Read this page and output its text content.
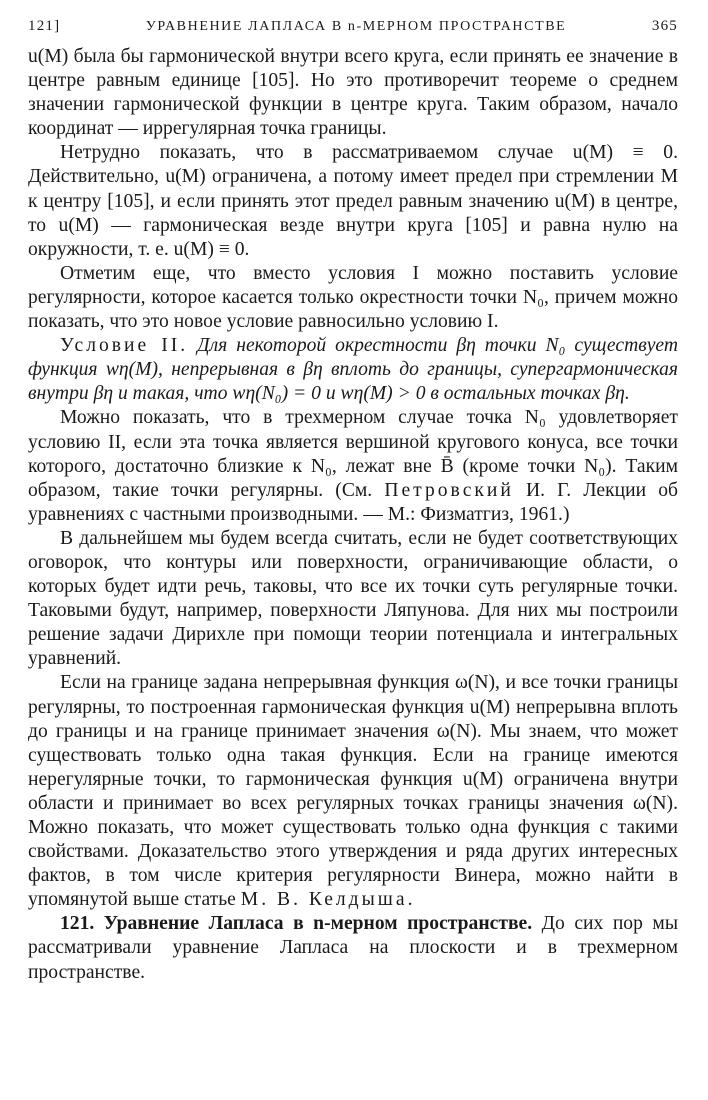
121]	УРАВНЕНИЕ ЛАПЛАСА В n-МЕРНОМ ПРОСТРАНСТВЕ	365

u(M) была бы гармонической внутри всего круга, если принять ее значение в центре равным единице [105]. Но это противоречит теореме о среднем значении гармонической функции в центре круга. Таким образом, начало координат — иррегулярная точка границы.

Нетрудно показать, что в рассматриваемом случае u(M) ≡ 0. Действительно, u(M) ограничена, а потому имеет предел при стремлении M к центру [105], и если принять этот предел равным значению u(M) в центре, то u(M) — гармоническая везде внутри круга [105] и равна нулю на окружности, т. е. u(M) ≡ 0.

Отметим еще, что вместо условия I можно поставить условие регулярности, которое касается только окрестности точки N₀, причем можно показать, что это новое условие равносильно условию I.

Условие II. Для некоторой окрестности βη точки N₀ существует функция wη(M), непрерывная в βη вплоть до границы, супергармоническая внутри βη и такая, что wη(N₀) = 0 и wη(M) > 0 в остальных точках βη.

Можно показать, что в трехмерном случае точка N₀ удовлетворяет условию II, если эта точка является вершиной кругового конуса, все точки которого, достаточно близкие к N₀, лежат вне B̄ (кроме точки N₀). Таким образом, такие точки регулярны. (См. Петровский И. Г. Лекции об уравнениях с частными производными. — М.: Физматгиз, 1961.)

В дальнейшем мы будем всегда считать, если не будет соответствующих оговорок, что контуры или поверхности, ограничивающие области, о которых будет идти речь, таковы, что все их точки суть регулярные точки. Таковыми будут, например, поверхности Ляпунова. Для них мы построили решение задачи Дирихле при помощи теории потенциала и интегральных уравнений.

Если на границе задана непрерывная функция ω(N), и все точки границы регулярны, то построенная гармоническая функция u(M) непрерывна вплоть до границы и на границе принимает значения ω(N). Мы знаем, что может существовать только одна такая функция. Если на границе имеются нерегулярные точки, то гармоническая функция u(M) ограничена внутри области и принимает во всех регулярных точках границы значения ω(N). Можно показать, что может существовать только одна функция с такими свойствами. Доказательство этого утверждения и ряда других интересных фактов, в том числе критерия регулярности Винера, можно найти в упомянутой выше статье М. В. Келдыша.

121. Уравнение Лапласа в n-мерном пространстве. До сих пор мы рассматривали уравнение Лапласа на плоскости и в трехмерном пространстве.
